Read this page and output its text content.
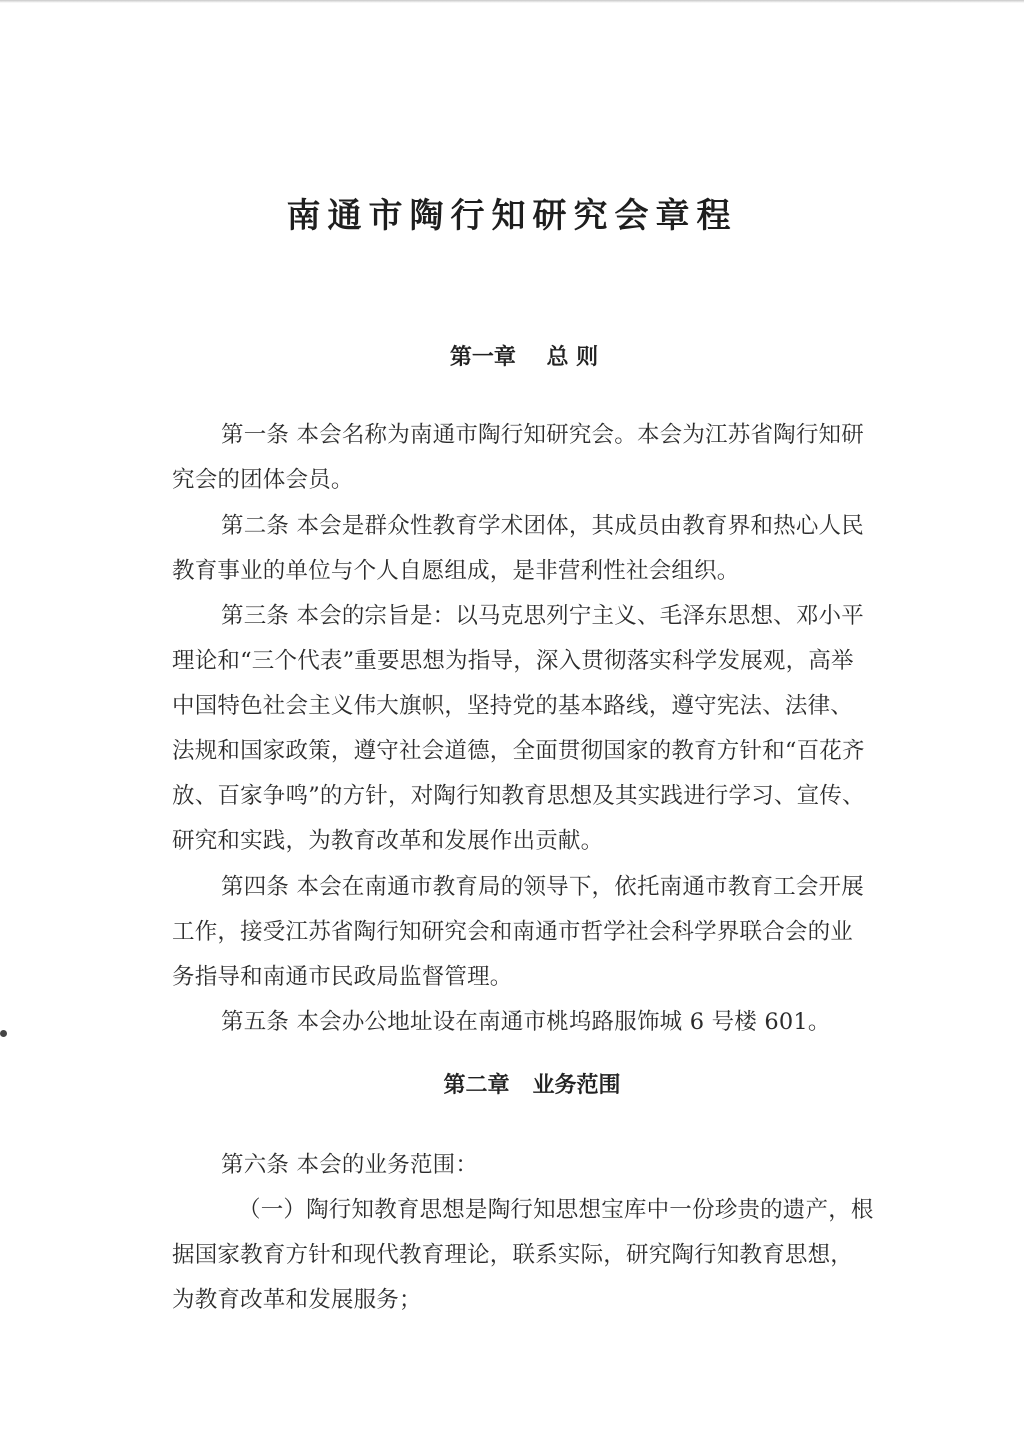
南通市陶行知研究会章程
第一章    总 则

第一条 本会名称为南通市陶行知研究会。本会为江苏省陶行知研究会的团体会员。

第二条 本会是群众性教育学术团体，其成员由教育界和热心人民教育事业的单位与个人自愿组成，是非营利性社会组织。

第三条 本会的宗旨是：以马克思列宁主义、毛泽东思想、邓小平理论和“三个代表”重要思想为指导，深入贯彻落实科学发展观，高举中国特色社会主义伟大旗帜，坚持党的基本路线，遵守宪法、法律、法规和国家政策，遵守社会道德，全面贯彻国家的教育方针和“百花齐放、百家争鸣”的方针，对陶行知教育思想及其实践进行学习、宣传、研究和实践，为教育改革和发展作出贡献。

第四条 本会在南通市教育局的领导下，依托南通市教育工会开展工作，接受江苏省陶行知研究会和南通市哲学社会科学界联合会的业务指导和南通市民政局监督管理。

第五条 本会办公地址设在南通市桃坞路服饰城 6 号楼 601。

第二章   业务范围

第六条 本会的业务范围：

（一）陶行知教育思想是陶行知思想宝库中一份珍贵的遗产，根据国家教育方针和现代教育理论，联系实际，研究陶行知教育思想，为教育改革和发展服务；
